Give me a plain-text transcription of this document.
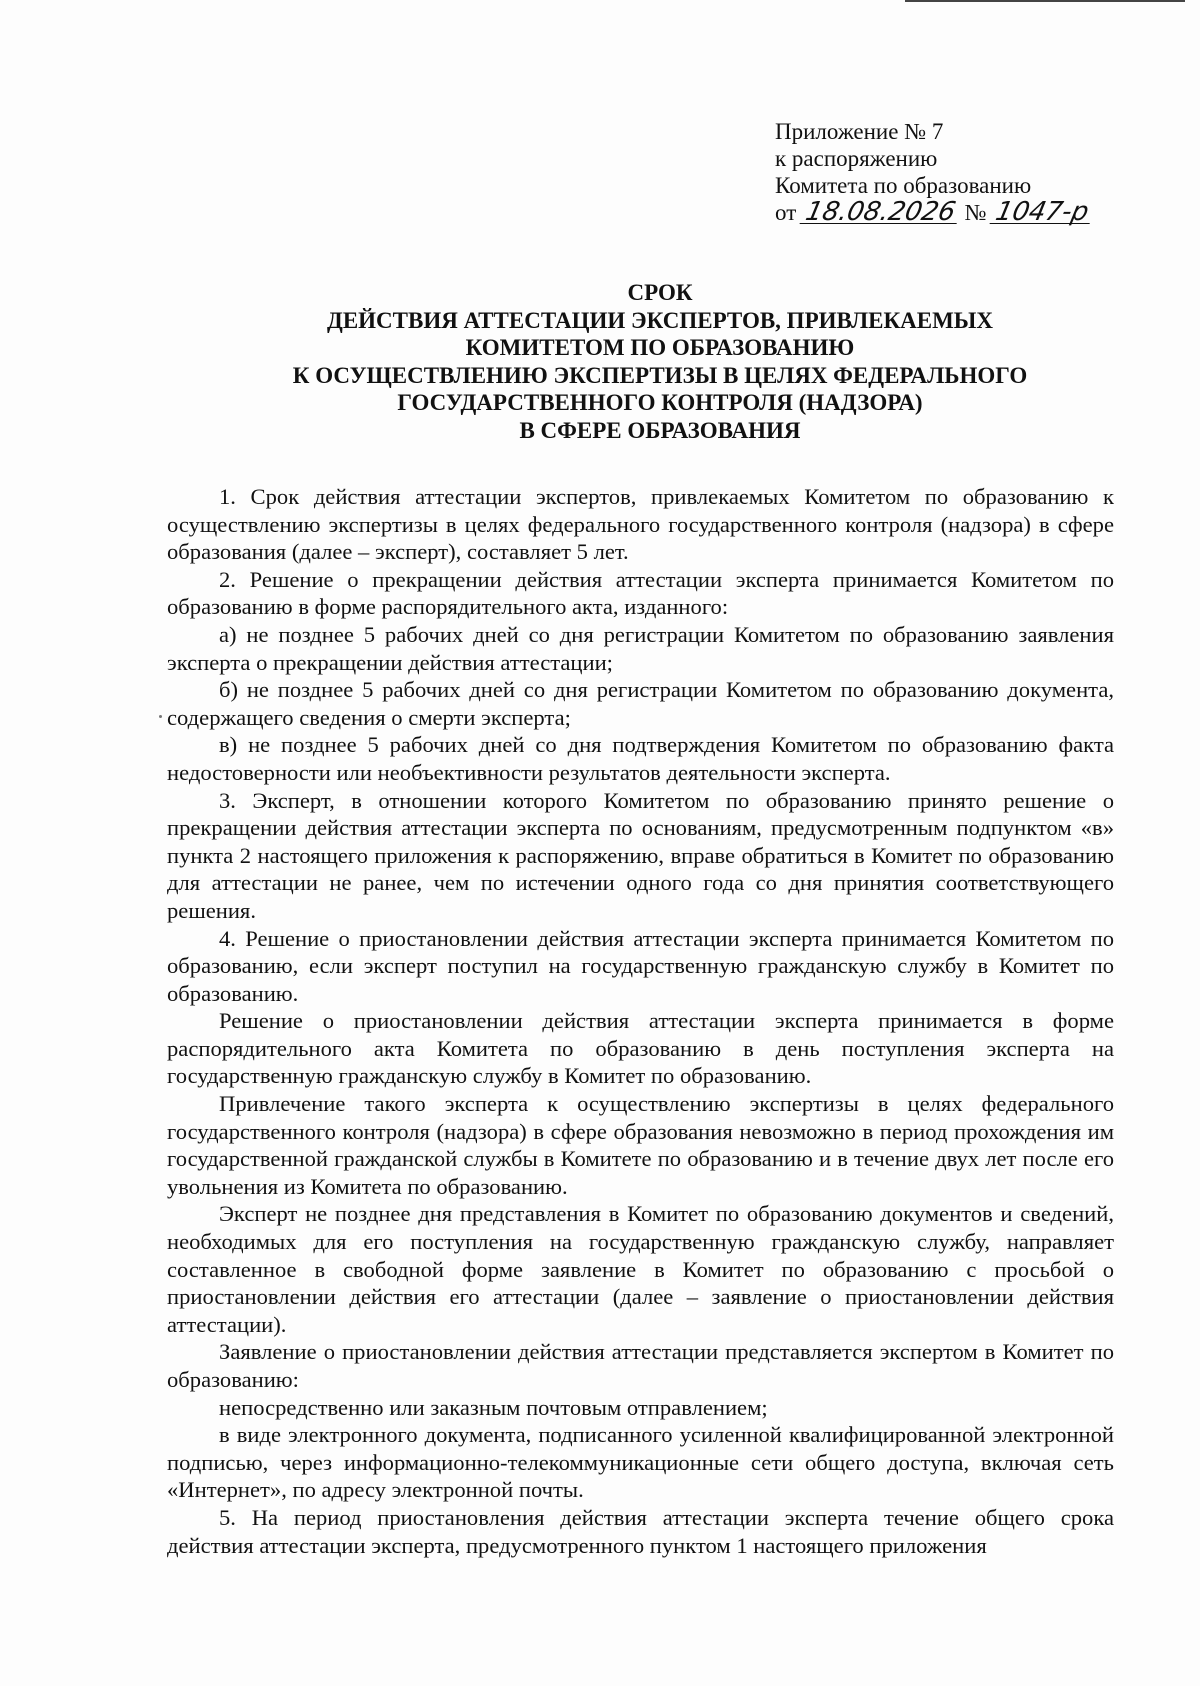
Приложение № 7
к распоряжению
Комитета по образованию
от 18.08.2026 № 1047-р
СРОК
ДЕЙСТВИЯ АТТЕСТАЦИИ ЭКСПЕРТОВ, ПРИВЛЕКАЕМЫХ
КОМИТЕТОМ ПО ОБРАЗОВАНИЮ
К ОСУЩЕСТВЛЕНИЮ ЭКСПЕРТИЗЫ В ЦЕЛЯХ ФЕДЕРАЛЬНОГО
ГОСУДАРСТВЕННОГО КОНТРОЛЯ (НАДЗОРА)
В СФЕРЕ ОБРАЗОВАНИЯ

1. Срок действия аттестации экспертов, привлекаемых Комитетом по образованию к осуществлению экспертизы в целях федерального государственного контроля (надзора) в сфере образования (далее – эксперт), составляет 5 лет.

2. Решение о прекращении действия аттестации эксперта принимается Комитетом по образованию в форме распорядительного акта, изданного:

а) не позднее 5 рабочих дней со дня регистрации Комитетом по образованию заявления эксперта о прекращении действия аттестации;

б) не позднее 5 рабочих дней со дня регистрации Комитетом по образованию документа, содержащего сведения о смерти эксперта;

в) не позднее 5 рабочих дней со дня подтверждения Комитетом по образованию факта недостоверности или необъективности результатов деятельности эксперта.

3. Эксперт, в отношении которого Комитетом по образованию принято решение о прекращении действия аттестации эксперта по основаниям, предусмотренным подпунктом «в» пункта 2 настоящего приложения к распоряжению, вправе обратиться в Комитет по образованию для аттестации не ранее, чем по истечении одного года со дня принятия соответствующего решения.

4. Решение о приостановлении действия аттестации эксперта принимается Комитетом по образованию, если эксперт поступил на государственную гражданскую службу в Комитет по образованию.

Решение о приостановлении действия аттестации эксперта принимается в форме распорядительного акта Комитета по образованию в день поступления эксперта на государственную гражданскую службу в Комитет по образованию.

Привлечение такого эксперта к осуществлению экспертизы в целях федерального государственного контроля (надзора) в сфере образования невозможно в период прохождения им государственной гражданской службы в Комитете по образованию и в течение двух лет после его увольнения из Комитета по образованию.

Эксперт не позднее дня представления в Комитет по образованию документов и сведений, необходимых для его поступления на государственную гражданскую службу, направляет составленное в свободной форме заявление в Комитет по образованию с просьбой о приостановлении действия его аттестации (далее – заявление о приостановлении действия аттестации).

Заявление о приостановлении действия аттестации представляется экспертом в Комитет по образованию:

непосредственно или заказным почтовым отправлением;

в виде электронного документа, подписанного усиленной квалифицированной электронной подписью, через информационно-телекоммуникационные сети общего доступа, включая сеть «Интернет», по адресу электронной почты.

5. На период приостановления действия аттестации эксперта течение общего срока действия аттестации эксперта, предусмотренного пунктом 1 настоящего приложения
